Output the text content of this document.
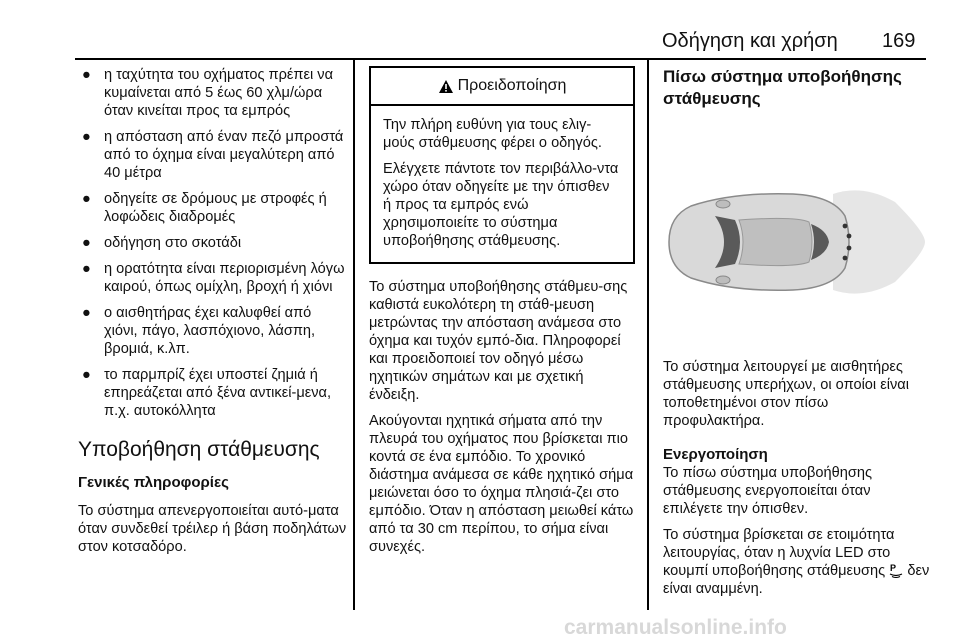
Οδήγηση και χρήση 169
● η ταχύτητα του οχήματος πρέπει να κυμαίνεται από 5 έως 60 χλμ/ώρα όταν κινείται προς τα εμπρός
● η απόσταση από έναν πεζό μπροστά από το όχημα είναι μεγαλύτερη από 40 μέτρα
● οδηγείτε σε δρόμους με στροφές ή λοφώδεις διαδρομές
● οδήγηση στο σκοτάδι
● η ορατότητα είναι περιορισμένη λόγω καιρού, όπως ομίχλη, βροχή ή χιόνι
● ο αισθητήρας έχει καλυφθεί από χιόνι, πάγο, λασπόχιονο, λάσπη, βρομιά, κ.λπ.
● το παρμπρίζ έχει υποστεί ζημιά ή επηρεάζεται από ξένα αντικεί-μενα, π.χ. αυτοκόλλητα
Υποβοήθηση στάθμευσης
Γενικές πληροφορίες

Το σύστημα απενεργοποιείται αυτό-ματα όταν συνδεθεί τρέιλερ ή βάση ποδηλάτων στον κοτσαδόρο.

Προειδοποίηση

Την πλήρη ευθύνη για τους ελιγ-μούς στάθμευσης φέρει ο οδηγός.

Ελέγχετε πάντοτε τον περιβάλλο-ντα χώρο όταν οδηγείτε με την όπισθεν ή προς τα εμπρός ενώ χρησιμοποιείτε το σύστημα υποβοήθησης στάθμευσης.

Το σύστημα υποβοήθησης στάθμευ-σης καθιστά ευκολότερη τη στάθ-μευση μετρώντας την απόσταση ανάμεσα στο όχημα και τυχόν εμπό-δια. Πληροφορεί και προειδοποιεί τον οδηγό μέσω ηχητικών σημάτων και με σχετική ένδειξη.

Ακούγονται ηχητικά σήματα από την πλευρά του οχήματος που βρίσκεται πιο κοντά σε ένα εμπόδιο. Το χρονικό διάστημα ανάμεσα σε κάθε ηχητικό σήμα μειώνεται όσο το όχημα πλησιά-ζει στο εμπόδιο. Όταν η απόσταση μειωθεί κάτω από τα 30 cm περίπου, το σήμα είναι συνεχές.

Πίσω σύστημα υποβοήθησης στάθμευσης

Το σύστημα λειτουργεί με αισθητήρες στάθμευσης υπερήχων, οι οποίοι είναι τοποθετημένοι στον πίσω προφυλακτήρα.

Ενεργοποίηση

Το πίσω σύστημα υποβοήθησης στάθμευσης ενεργοποιείται όταν επιλέγετε την όπισθεν.

Το σύστημα βρίσκεται σε ετοιμότητα λειτουργίας, όταν η λυχνία LED στο κουμπί υποβοήθησης στάθμευσης P δεν είναι αναμμένη.

carmanualsonline.info
